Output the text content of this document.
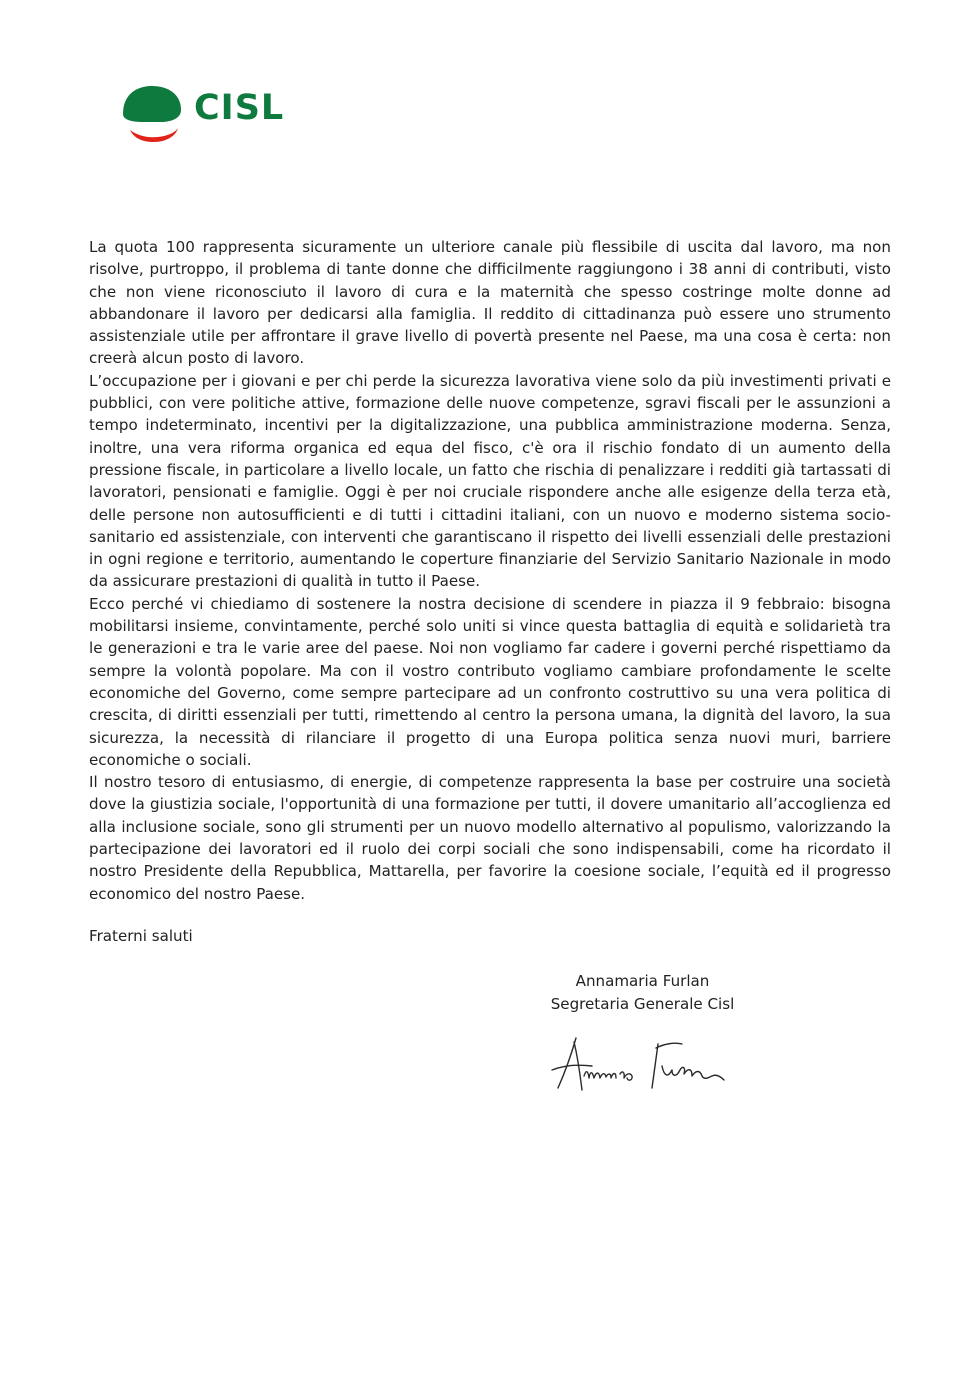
CISL

La quota 100 rappresenta sicuramente un ulteriore canale più flessibile di uscita dal lavoro, ma non risolve, purtroppo, il problema di tante donne che difficilmente raggiungono i 38 anni di contributi, visto che non viene riconosciuto il lavoro di cura e la maternità che spesso costringe molte donne ad abbandonare il lavoro per dedicarsi alla famiglia. Il reddito di cittadinanza può essere uno strumento assistenziale utile per affrontare il grave livello di povertà presente nel Paese, ma una cosa è certa: non creerà alcun posto di lavoro.

L’occupazione per i giovani e per chi perde la sicurezza lavorativa viene solo da più investimenti privati e pubblici, con vere politiche attive, formazione delle nuove competenze, sgravi fiscali per le assunzioni a tempo indeterminato, incentivi per la digitalizzazione, una pubblica amministrazione moderna. Senza, inoltre, una vera riforma organica ed equa del fisco, c'è ora il rischio fondato di un aumento della pressione fiscale, in particolare a livello locale, un fatto che rischia di penalizzare i redditi già tartassati di lavoratori, pensionati e famiglie. Oggi è per noi cruciale rispondere anche alle esigenze della terza età, delle persone non autosufficienti e di tutti i cittadini italiani, con un nuovo e moderno sistema socio-sanitario ed assistenziale, con interventi che garantiscano il rispetto dei livelli essenziali delle prestazioni in ogni regione e territorio, aumentando le coperture finanziarie del Servizio Sanitario Nazionale in modo da assicurare prestazioni di qualità in tutto il Paese.

Ecco perché vi chiediamo di sostenere la nostra decisione di scendere in piazza il 9 febbraio: bisogna mobilitarsi insieme, convintamente, perché solo uniti si vince questa battaglia di equità e solidarietà tra le generazioni e tra le varie aree del paese. Noi non vogliamo far cadere i governi perché rispettiamo da sempre la volontà popolare. Ma con il vostro contributo vogliamo cambiare profondamente le scelte economiche del Governo, come sempre partecipare ad un confronto costruttivo su una vera politica di crescita, di diritti essenziali per tutti, rimettendo al centro la persona umana, la dignità del lavoro, la sua sicurezza, la necessità di rilanciare il progetto di una Europa politica senza nuovi muri, barriere economiche o sociali.

Il nostro tesoro di entusiasmo, di energie, di competenze rappresenta la base per costruire una società dove la giustizia sociale, l'opportunità di una formazione per tutti, il dovere umanitario all’accoglienza ed alla inclusione sociale, sono gli strumenti per un nuovo modello alternativo al populismo, valorizzando la partecipazione dei lavoratori ed il ruolo dei corpi sociali che sono indispensabili, come ha ricordato il nostro Presidente della Repubblica, Mattarella, per favorire la coesione sociale, l’equità ed il progresso economico del nostro Paese.

Fraterni saluti
Annamaria Furlan
Segretaria Generale Cisl
